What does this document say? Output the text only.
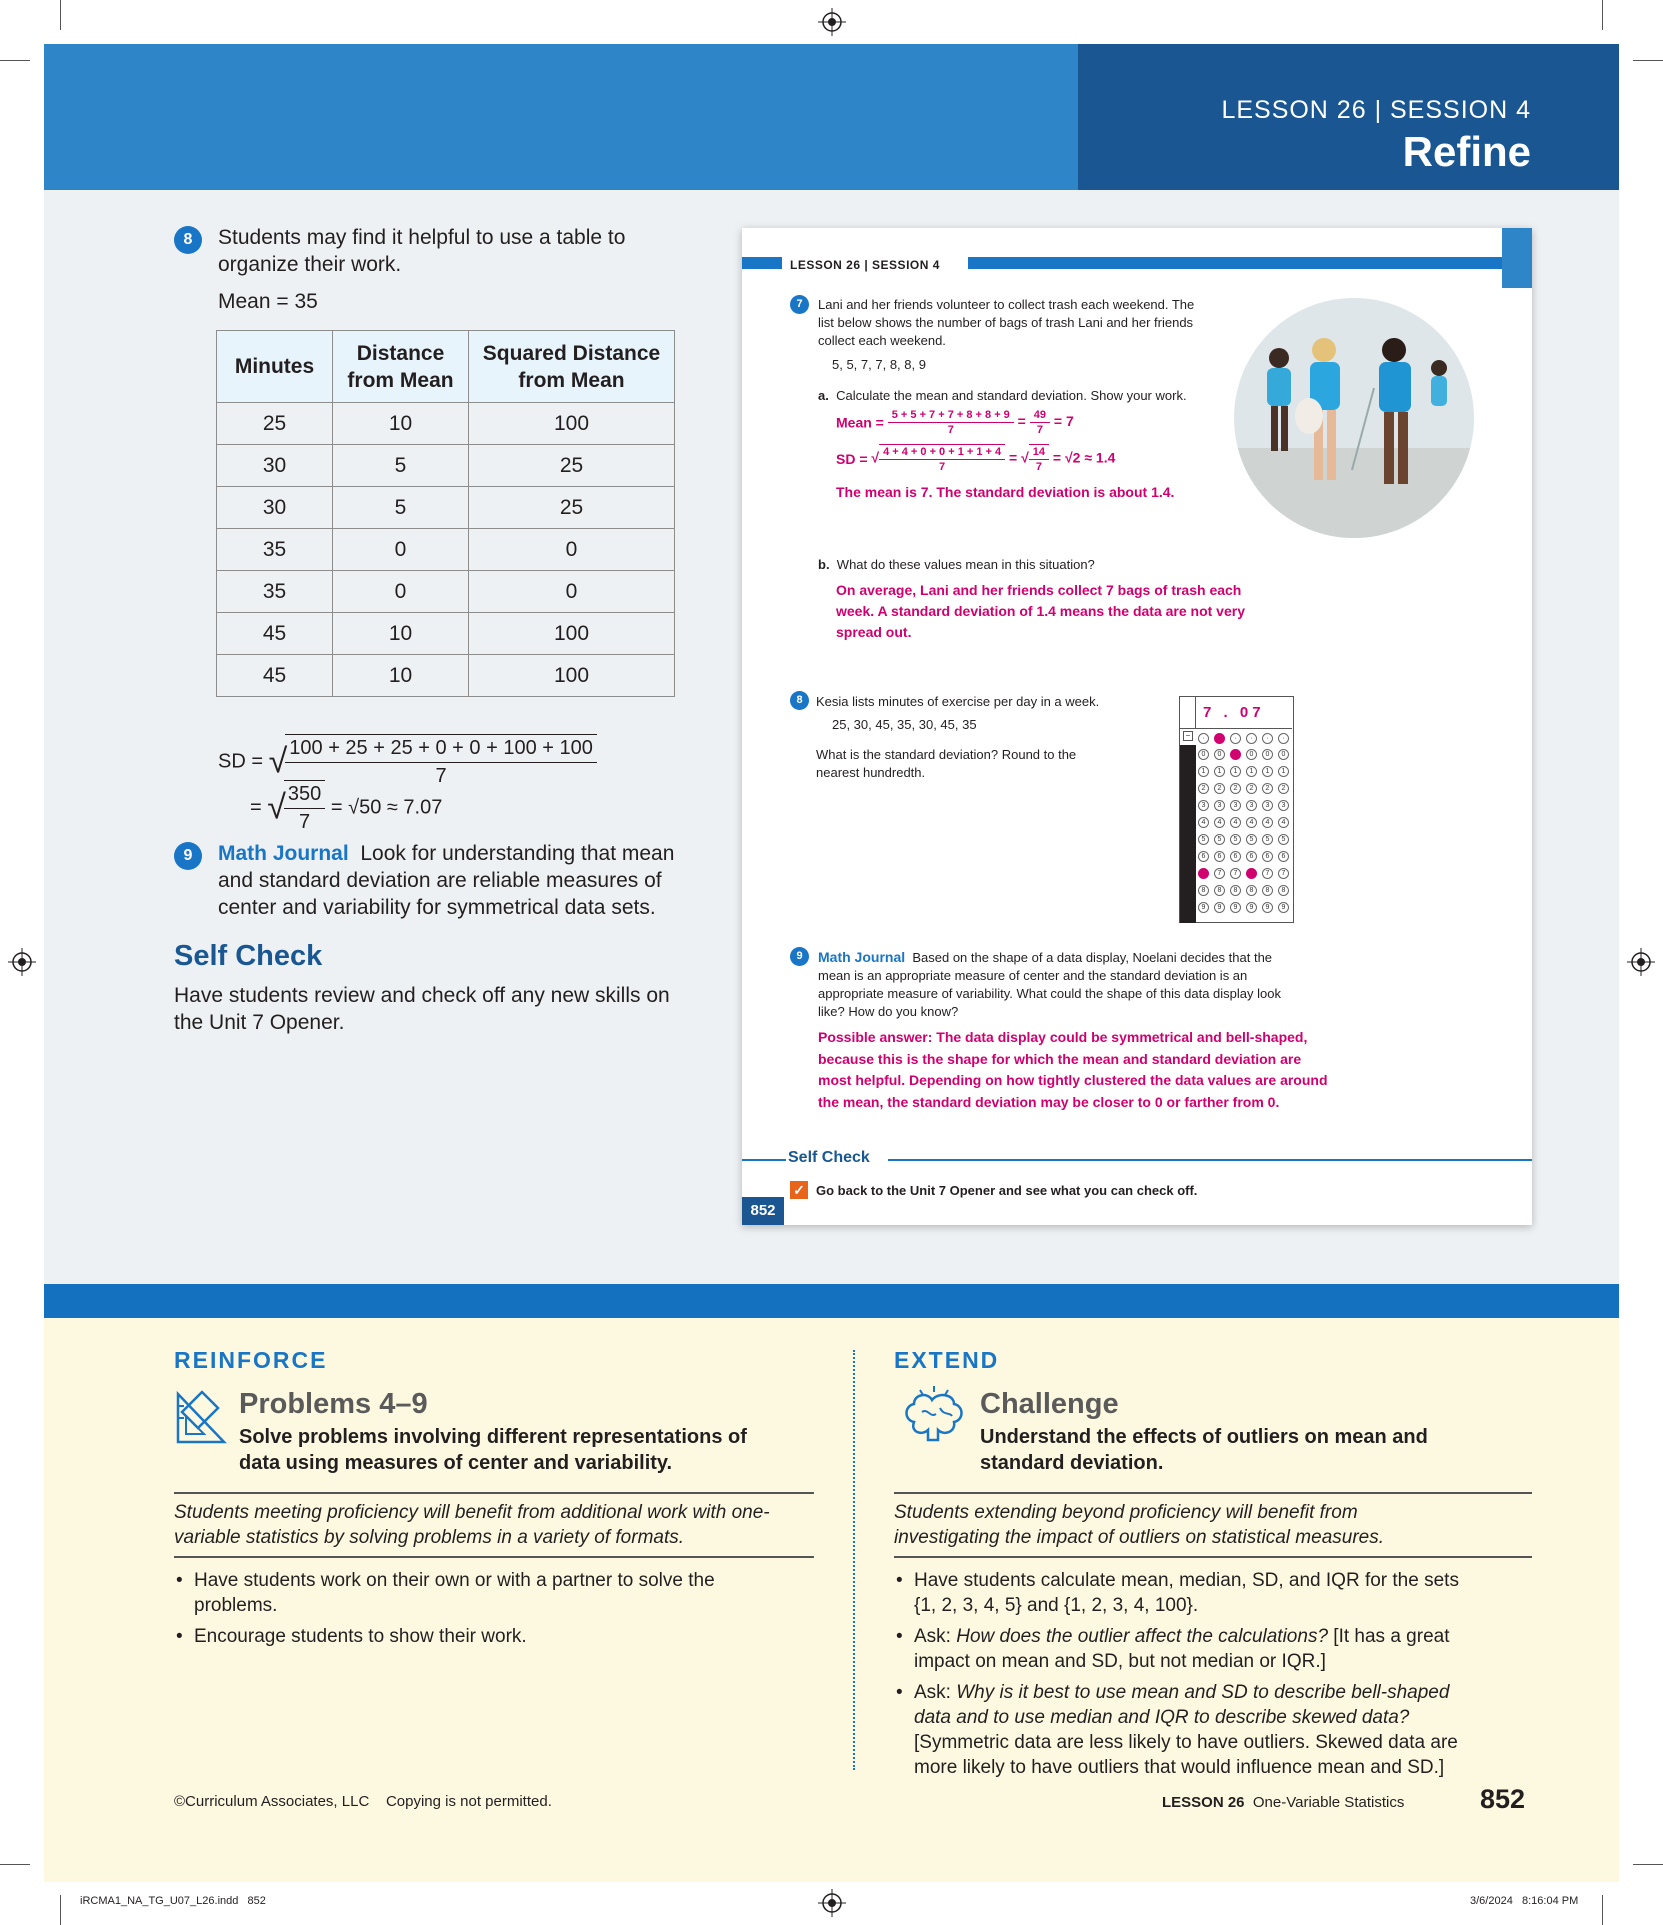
LESSON 26 | SESSION 4
Refine
8	Students may find it helpful to use a table to organize their work.
Mean = 35
Minutes	Distance from Mean	Squared Distance from Mean
25	10	100
30	5	25
30	5	25
35	0	0
35	0	0
45	10	100
45	10	100
SD = √
$\frac{100 + 25 + 25 + 0 + 0 + 100 + 100}{7}$
= √
$\frac{350}{7} = √50 \approx 7.07$
9	Math Journal Look for understanding that mean and standard deviation are reliable measures of center and variability for symmetrical data sets.
Self Check
Have students review and check off any new skills on the Unit 7 Opener.
LESSON 26 | SESSION 4
7	Lani and her friends volunteer to collect trash each weekend. The list below shows the number of bags of trash Lani and her friends collect each weekend.
5, 5, 7, 7, 8, 8, 9
a. Calculate the mean and standard deviation. Show your work.
Mean = $\frac{5 + 5 + 7 + 7 + 8 + 8 + 9}{7} = \frac{49}{7} = 7$
SD = √ $\frac{4 + 4 + 0 + 0 + 1 + 1 + 4}{7}$ = √ $\frac{14}{7} = √2 \approx 1.4$
The mean is 7. The standard deviation is about 1.4.
b. What do these values mean in this situation?
On average, Lani and her friends collect 7 bags of trash each week. A standard deviation of 1.4 means the data are not very spread out.
8	Kesia lists minutes of exercise per day in a week.
25, 30, 45, 35, 30, 45, 35
What is the standard deviation? Round to the nearest hundredth.
−
7 . 07
·
0
1
2
3
4
5
6
8
9
·
0
1
2
3
4
5
6
7
8
9
·
1
2
3
4
5
6
7
8
9
·
0
1
2
3
4
5
6
8
9
·
0
1
2
3
4
5
6
7
8
9
·
0
1
2
3
4
5
6
7
8
9
9	Math Journal Based on the shape of a data display, Noelani decides that the mean is an appropriate measure of center and the standard deviation is an appropriate measure of variability. What could the shape of this data display look like? How do you know?
Possible answer: The data display could be symmetrical and bell-shaped, because this is the shape for which the mean and standard deviation are most helpful. Depending on how tightly clustered the data values are around the mean, the standard deviation may be closer to 0 or farther from 0.
Self Check
✓ Go back to the Unit 7 Opener and see what you can check off.
852
REINFORCE
Problems 4–9
Solve problems involving different representations of data using measures of center and variability.
Students meeting proficiency will benefit from additional work with one-variable statistics by solving problems in a variety of formats.
• Have students work on their own or with a partner to solve the problems.
• Encourage students to show their work.
EXTEND
Challenge
Understand the effects of outliers on mean and standard deviation.
Students extending beyond proficiency will benefit from investigating the impact of outliers on statistical measures.
• Have students calculate mean, median, SD, and IQR for the sets {1, 2, 3, 4, 5} and {1, 2, 3, 4, 100}.
• Ask: How does the outlier affect the calculations? [It has a great impact on mean and SD, but not median or IQR.]
• Ask: Why is it best to use mean and SD to describe bell-shaped data and to use median and IQR to describe skewed data? [Symmetric data are less likely to have outliers. Skewed data are more likely to have outliers that would influence mean and SD.]
©Curriculum Associates, LLC    Copying is not permitted.	LESSON 26 One-Variable Statistics	852
iRCMA1_NA_TG_U07_L26.indd   852	3/6/2024   8:16:04 PM
